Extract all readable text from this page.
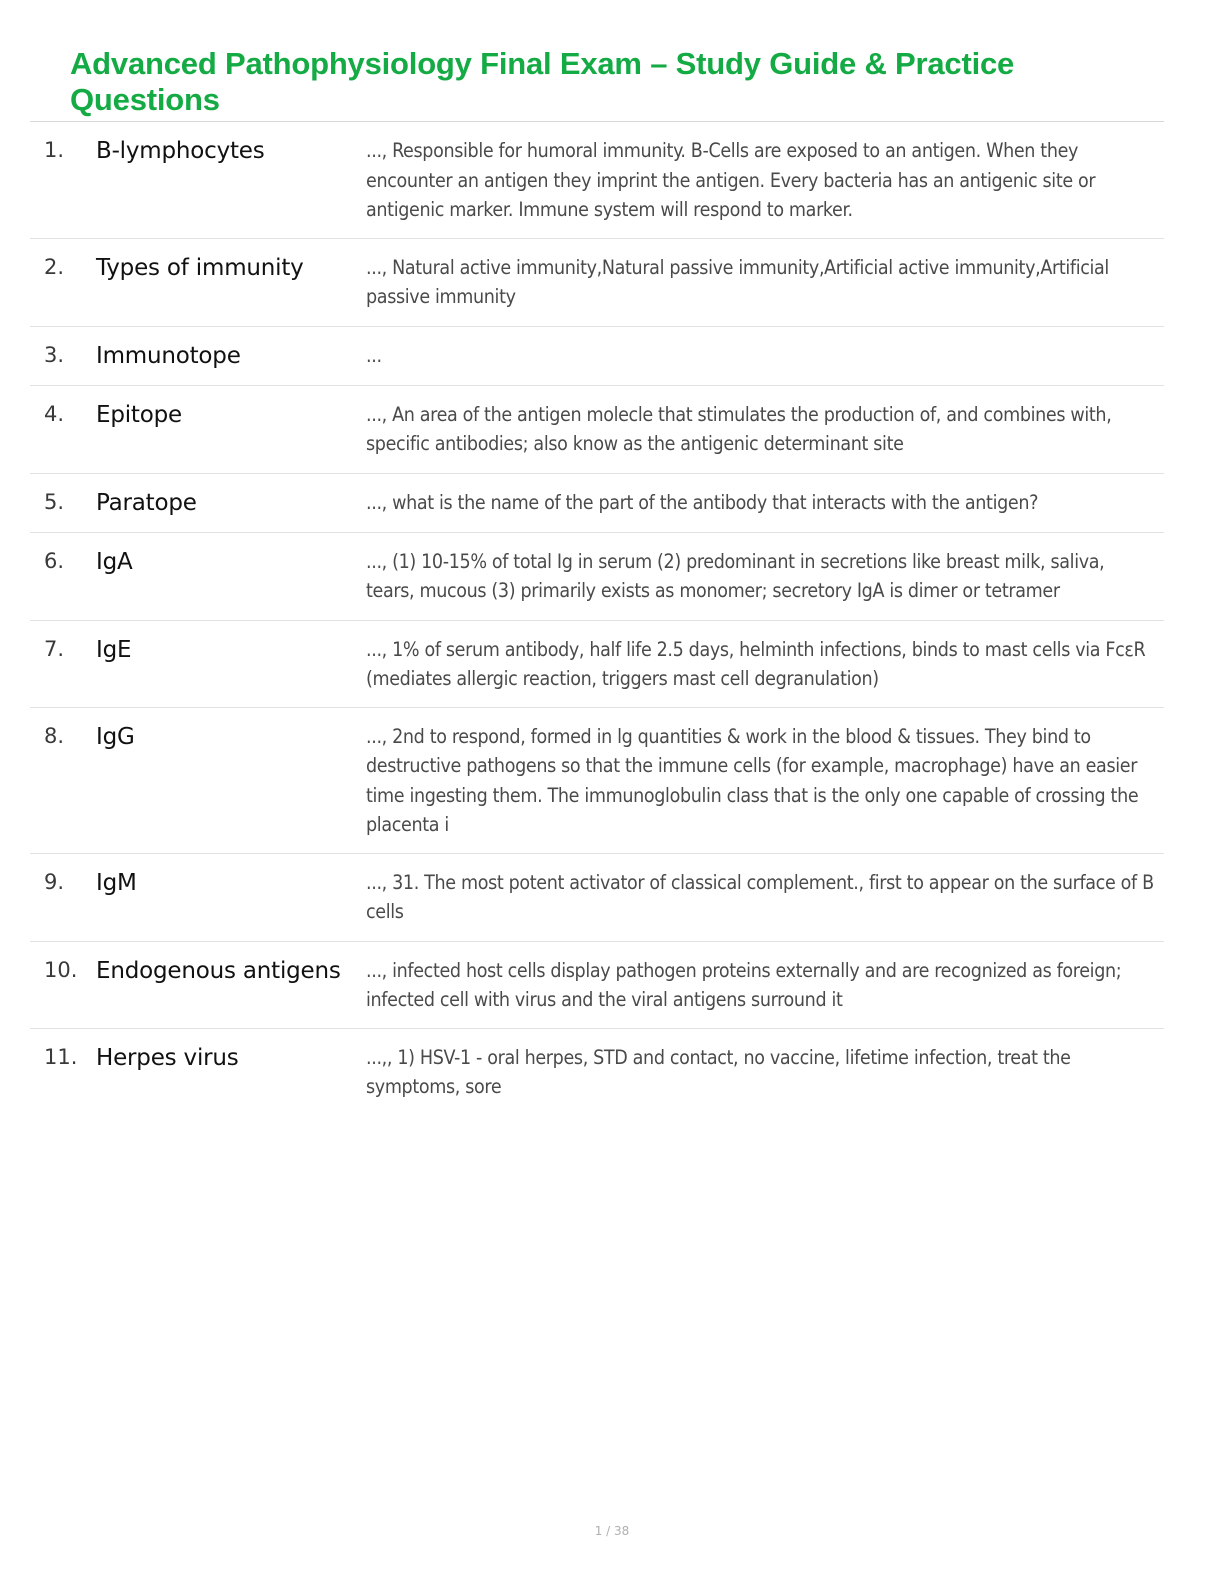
Advanced Pathophysiology Final Exam – Study Guide & Practice Questions
1.	B-lymphocytes	..., Responsible for humoral immunity. B-Cells are exposed to an antigen. When they encounter an antigen they imprint the antigen. Every bacteria has an antigenic site or antigenic marker. Immune system will respond to marker.
2.	Types of immunity	..., Natural active immunity,Natural passive immunity,Artificial active immunity,Artificial passive immunity
3.	Immunotope	...
4.	Epitope	..., An area of the antigen molecle that stimulates the production of, and combines with, specific antibodies; also know as the antigenic determinant site
5.	Paratope	..., what is the name of the part of the antibody that interacts with the antigen?
6.	IgA	..., (1) 10-15% of total Ig in serum (2) predominant in secretions like breast milk, saliva, tears, mucous (3) primarily exists as monomer; secretory IgA is dimer or tetramer
7.	IgE	..., 1% of serum antibody, half life 2.5 days, helminth infections, binds to mast cells via FcεR (mediates allergic reaction, triggers mast cell degranulation)
8.	IgG	..., 2nd to respond, formed in lg quantities & work in the blood & tissues. They bind to destructive pathogens so that the immune cells (for example, macrophage) have an easier time ingesting them. The immunoglobulin class that is the only one capable of crossing the placenta i
9.	IgM	..., 31. The most potent activator of classical complement., first to appear on the surface of B cells
10.	Endogenous antigens	..., infected host cells display pathogen proteins externally and are recognized as foreign; infected cell with virus and the viral antigens surround it
11.	Herpes virus	...,, 1) HSV-1 - oral herpes, STD and contact, no vaccine, lifetime infection, treat the symptoms, sore
1 / 38
